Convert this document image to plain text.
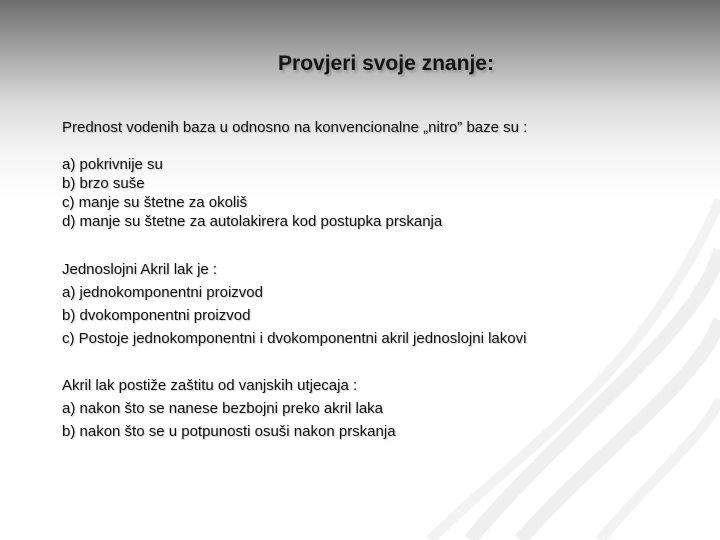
Provjeri svoje znanje:

Prednost vodenih baza u odnosno na konvencionalne „nitro” baze su :

a) pokrivnije su

b) brzo suše

c) manje su štetne za okoliš

d) manje su štetne za autolakirera kod postupka prskanja

Jednoslojni Akril lak je :

a) jednokomponentni proizvod

b) dvokomponentni proizvod

c) Postoje jednokomponentni i dvokomponentni akril jednoslojni lakovi

Akril lak postiže zaštitu od vanjskih utjecaja :

a) nakon što se nanese bezbojni preko akril laka

b) nakon što se u potpunosti osuši nakon prskanja
